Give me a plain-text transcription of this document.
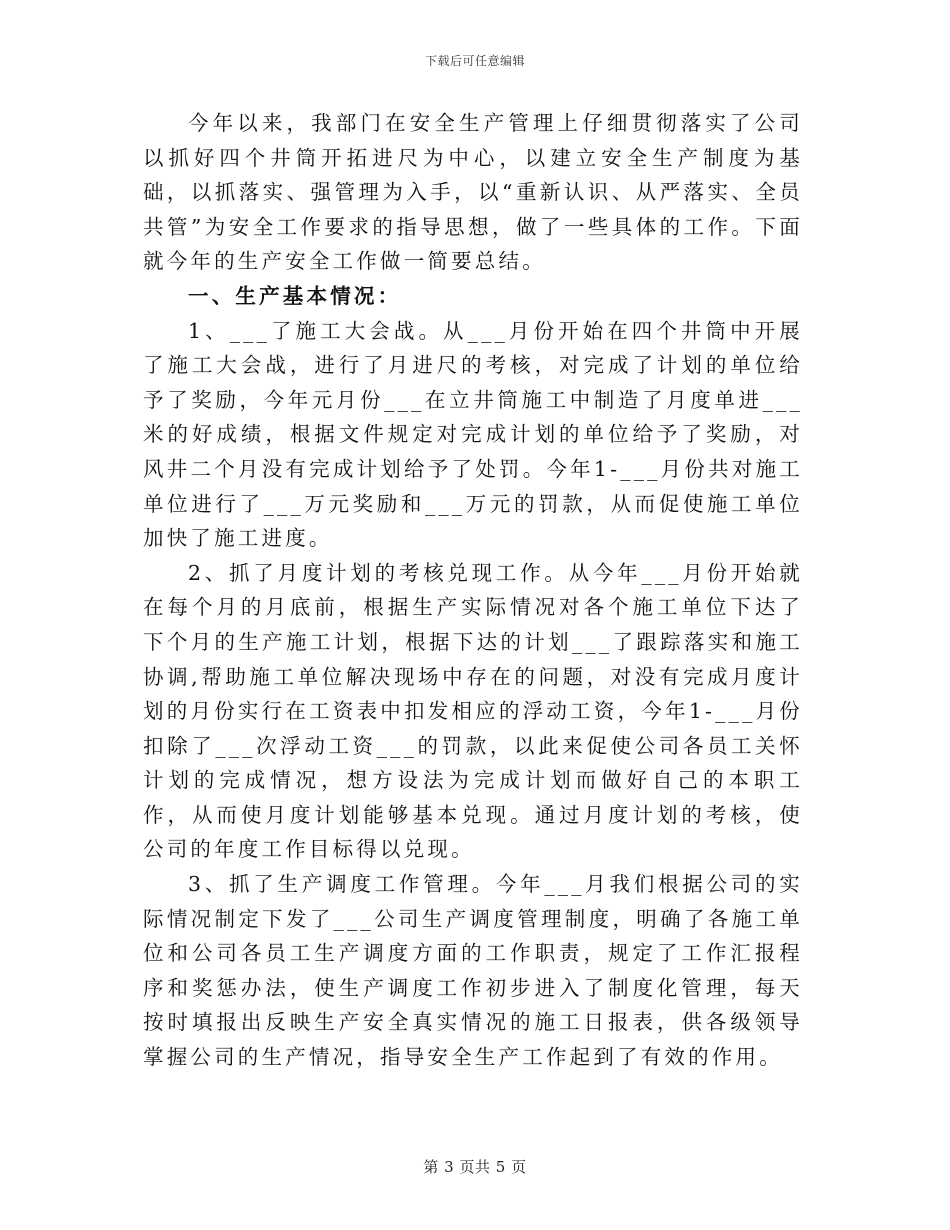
下载后可任意编辑

今年以来，我部门在安全生产管理上仔细贯彻落实了公司以抓好四个井筒开拓进尺为中心，以建立安全生产制度为基础，以抓落实、强管理为入手，以“重新认识、从严落实、全员共管”为安全工作要求的指导思想，做了一些具体的工作。下面就今年的生产安全工作做一简要总结。

一、生产基本情况：

1、___了施工大会战。从___月份开始在四个井筒中开展了施工大会战，进行了月进尺的考核，对完成了计划的单位给予了奖励，今年元月份___在立井筒施工中制造了月度单进___米的好成绩，根据文件规定对完成计划的单位给予了奖励，对风井二个月没有完成计划给予了处罚。今年1-___月份共对施工单位进行了___万元奖励和___万元的罚款，从而促使施工单位加快了施工进度。

2、抓了月度计划的考核兑现工作。从今年___月份开始就在每个月的月底前，根据生产实际情况对各个施工单位下达了下个月的生产施工计划，根据下达的计划___了跟踪落实和施工协调,帮助施工单位解决现场中存在的问题，对没有完成月度计划的月份实行在工资表中扣发相应的浮动工资，今年1-___月份扣除了___次浮动工资___的罚款，以此来促使公司各员工关怀计划的完成情况，想方设法为完成计划而做好自己的本职工作，从而使月度计划能够基本兑现。通过月度计划的考核，使公司的年度工作目标得以兑现。

3、抓了生产调度工作管理。今年___月我们根据公司的实际情况制定下发了___公司生产调度管理制度，明确了各施工单位和公司各员工生产调度方面的工作职责，规定了工作汇报程序和奖惩办法，使生产调度工作初步进入了制度化管理，每天按时填报出反映生产安全真实情况的施工日报表，供各级领导掌握公司的生产情况，指导安全生产工作起到了有效的作用。

第 3 页共 5 页
